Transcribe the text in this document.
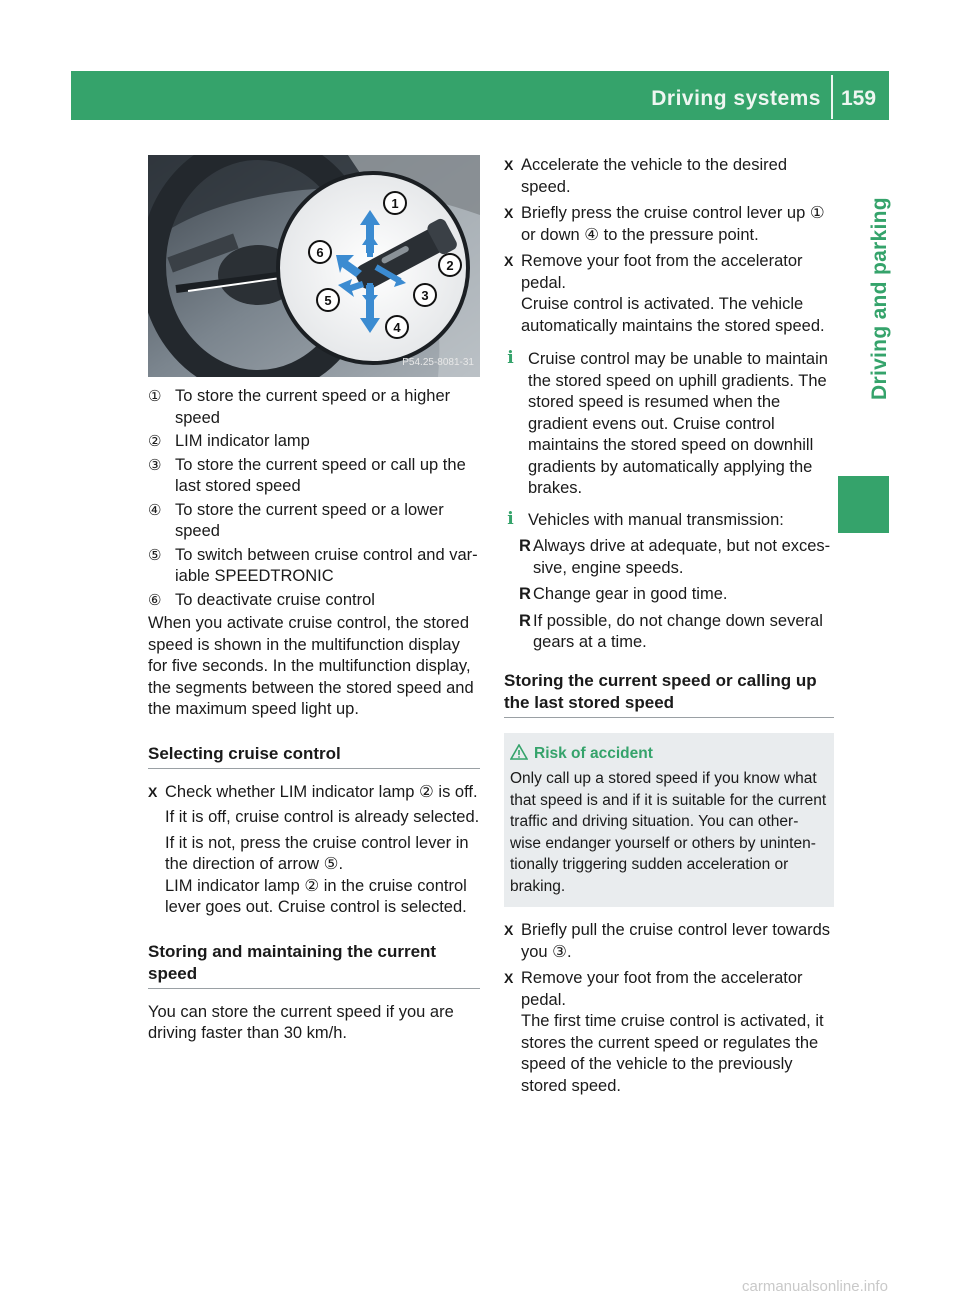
Driving systems 159
Driving and parking
1
2
3
4
5
6
P54.25-8081-31
① To store the current speed or a higher speed
② LIM indicator lamp
③ To store the current speed or call up the last stored speed
④ To store the current speed or a lower speed
⑤ To switch between cruise control and var-iable SPEEDTRONIC
⑥ To deactivate cruise control

When you activate cruise control, the stored speed is shown in the multifunction display for five seconds. In the multifunction display, the segments between the stored speed and the maximum speed light up.

Selecting cruise control
X Check whether LIM indicator lamp ② is off.
If it is off, cruise control is already selected.
If it is not, press the cruise control lever in the direction of arrow ⑤.
LIM indicator lamp ② in the cruise control lever goes out. Cruise control is selected.
Storing and maintaining the current speed

You can store the current speed if you are driving faster than 30 km/h.

X Accelerate the vehicle to the desired speed.
X Briefly press the cruise control lever up ① or down ④ to the pressure point.
X Remove your foot from the accelerator pedal.
Cruise control is activated. The vehicle automatically maintains the stored speed.
i Cruise control may be unable to maintain the stored speed on uphill gradients. The stored speed is resumed when the gradient evens out. Cruise control maintains the stored speed on downhill gradients by automatically applying the brakes.
i Vehicles with manual transmission:
R Always drive at adequate, but not exces-sive, engine speeds.
R Change gear in good time.
R If possible, do not change down several gears at a time.
Storing the current speed or calling up the last stored speed
Risk of accident
Only call up a stored speed if you know what that speed is and if it is suitable for the current traffic and driving situation. You can other-wise endanger yourself or others by uninten-tionally triggering sudden acceleration or braking.
X Briefly pull the cruise control lever towards you ③.
X Remove your foot from the accelerator pedal.
The first time cruise control is activated, it stores the current speed or regulates the speed of the vehicle to the previously stored speed.
carmanualsonline.info
